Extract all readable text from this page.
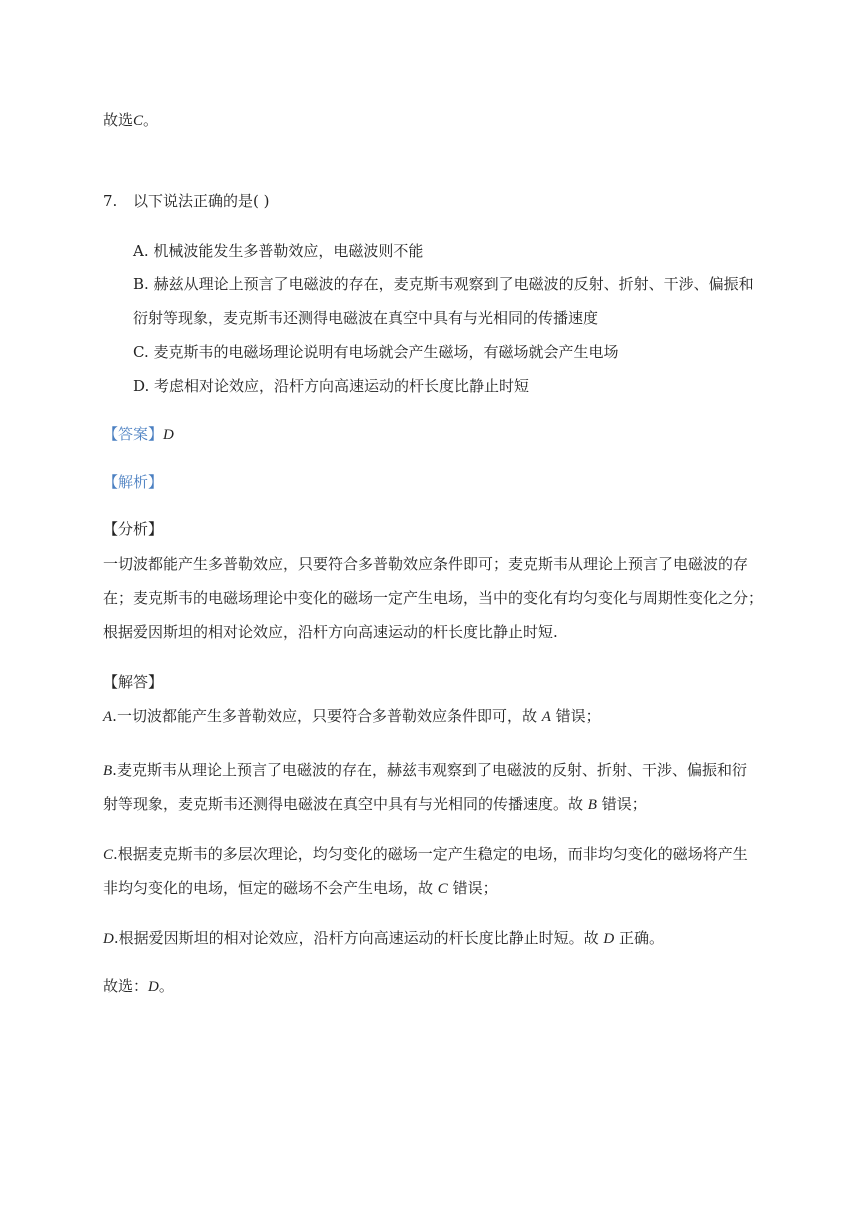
故选C。
7. 以下说法正确的是( )
A. 机械波能发生多普勒效应，电磁波则不能
B. 赫兹从理论上预言了电磁波的存在，麦克斯韦观察到了电磁波的反射、折射、干涉、偏振和
衍射等现象，麦克斯韦还测得电磁波在真空中具有与光相同的传播速度
C. 麦克斯韦的电磁场理论说明有电场就会产生磁场，有磁场就会产生电场
D. 考虑相对论效应，沿杆方向高速运动的杆长度比静止时短
【答案】D
【解析】
【分析】
一切波都能产生多普勒效应，只要符合多普勒效应条件即可；麦克斯韦从理论上预言了电磁波的存
在；麦克斯韦的电磁场理论中变化的磁场一定产生电场，当中的变化有均匀变化与周期性变化之分；
根据爱因斯坦的相对论效应，沿杆方向高速运动的杆长度比静止时短.
【解答】
A.一切波都能产生多普勒效应，只要符合多普勒效应条件即可，故 A 错误；
B.麦克斯韦从理论上预言了电磁波的存在，赫兹韦观察到了电磁波的反射、折射、干涉、偏振和衍
射等现象，麦克斯韦还测得电磁波在真空中具有与光相同的传播速度。故 B 错误；
C.根据麦克斯韦的多层次理论，均匀变化的磁场一定产生稳定的电场，而非均匀变化的磁场将产生
非均匀变化的电场，恒定的磁场不会产生电场，故 C 错误；
D.根据爱因斯坦的相对论效应，沿杆方向高速运动的杆长度比静止时短。故 D 正确。
故选：D。
